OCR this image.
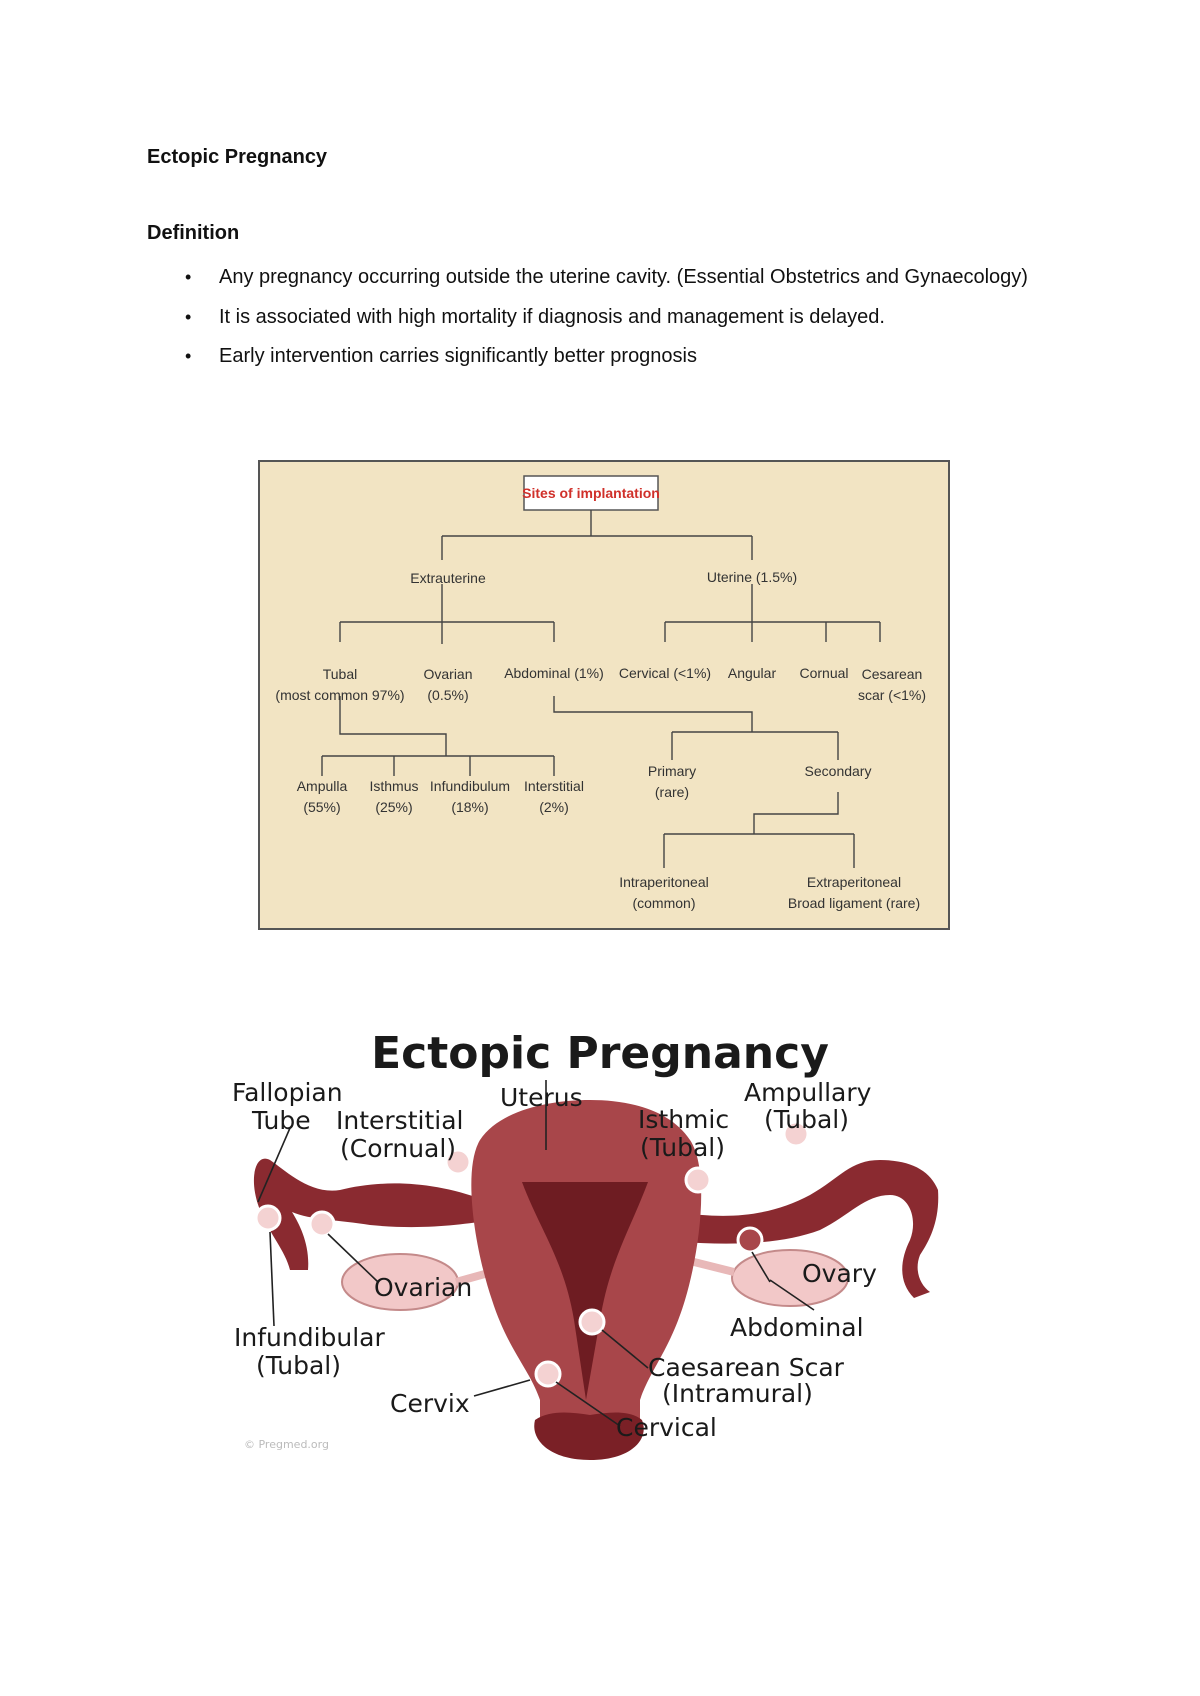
Ectopic Pregnancy
Definition
• Any pregnancy occurring outside the uterine cavity. (Essential Obstetrics and Gynaecology)
• It is associated with high mortality if diagnosis and management is delayed.
• Early intervention carries significantly better prognosis
Sites of implantation
Extrauterine	Uterine (1.5%)
Tubal
(most common 97%)
Ovarian
(0.5%)
Abdominal (1%) Cervical (<1%) Angular Cornual Cesarean
scar (<1%)
Ampulla
(55%)
Isthmus
(25%)
Infundibulum
(18%)
Interstitial
(2%)
Primary
(rare)
Secondary
Intraperitoneal
(common)
Extraperitoneal
Broad ligament (rare)
Ectopic Pregnancy
Fallopian
Tube Interstitial
(Cornual)
Uterus
Isthmic
(Tubal)
Ampullary
(Tubal)
Ovarian	Ovary
Abdominal
Infundibular
(Tubal)	Caesarean Scar
(Intramural)
Cervix
Cervical
© Pregmed.org
